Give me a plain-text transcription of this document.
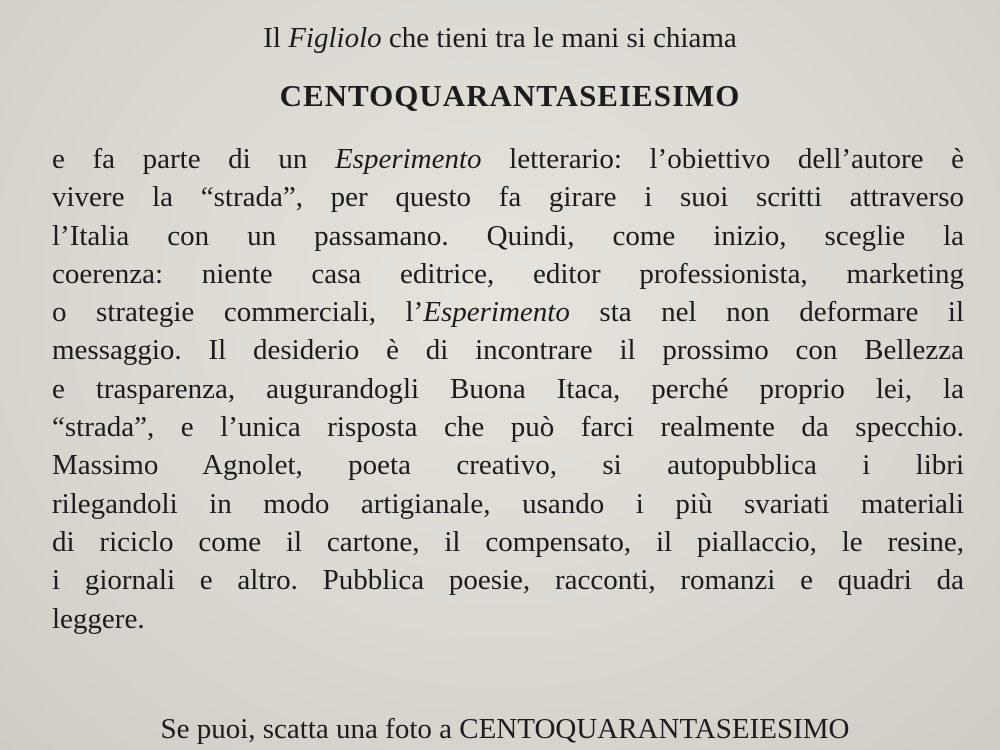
Il Figliolo che tieni tra le mani si chiama
CENTOQUARANTASEIESIMO
e fa parte di un Esperimento letterario: l’obiettivo dell’autore è
vivere la “strada”, per questo fa girare i suoi scritti attraverso
l’Italia con un passamano. Quindi, come inizio, sceglie la
coerenza: niente casa editrice, editor professionista, marketing
o strategie commerciali, l’Esperimento sta nel non deformare il
messaggio. Il desiderio è di incontrare il prossimo con Bellezza
e trasparenza, augurandogli Buona Itaca, perché proprio lei, la
“strada”, e l’unica risposta che può farci realmente da specchio.
Massimo Agnolet, poeta creativo, si autopubblica i libri
rilegandoli in modo artigianale, usando i più svariati materiali
di riciclo come il cartone, il compensato, il piallaccio, le resine,
i giornali e altro. Pubblica poesie, racconti, romanzi e quadri da
leggere.
Se puoi, scatta una foto a CENTOQUARANTASEIESIMO
